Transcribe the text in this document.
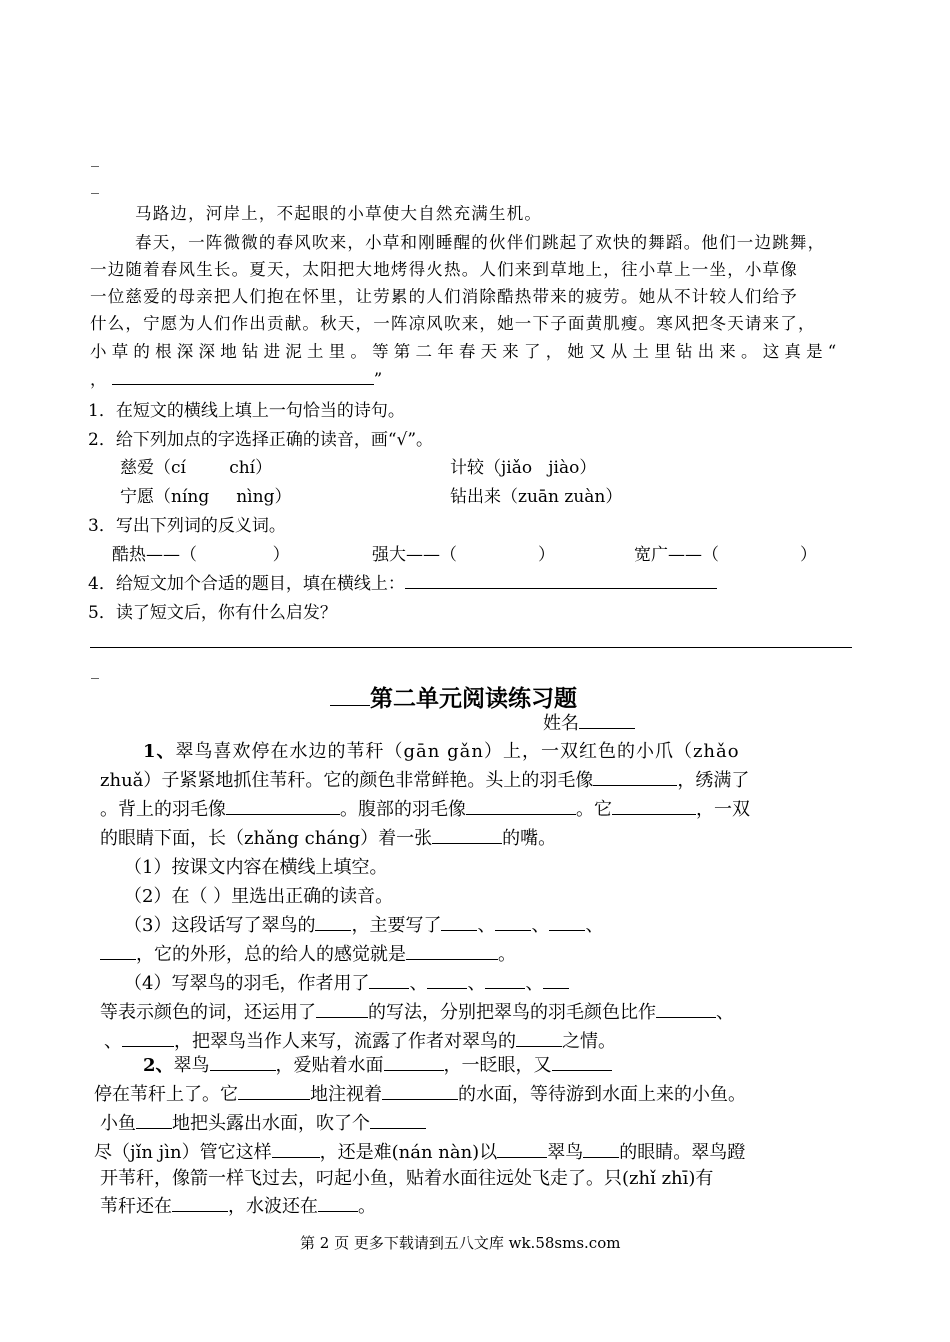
_
_
马路边，河岸上，不起眼的小草使大自然充满生机。
春天，一阵微微的春风吹来，小草和刚睡醒的伙伴们跳起了欢快的舞蹈。他们一边跳舞，
一边随着春风生长。夏天，太阳把大地烤得火热。人们来到草地上，往小草上一坐，小草像
一位慈爱的母亲把人们抱在怀里，让劳累的人们消除酷热带来的疲劳。她从不计较人们给予
什么，宁愿为人们作出贡献。秋天，一阵凉风吹来，她一下子面黄肌瘦。寒风把冬天请来了，
小草的根深深地钻进泥土里。等第二年春天来了，她又从土里钻出来。这真是“
，	”
1．在短文的横线上填上一句恰当的诗句。
2．给下列加点的字选择正确的读音，画“√”。
慈爱（cí        chí）	计较（jiǎo   jiào）
宁愿（níng     nìng）	钻出来（zuān zuàn）
3．写出下列词的反义词。
酷热——（              ）	强大——（               ）	宽广——（               ）
4．给短文加个合适的题目，填在横线上：
5．读了短文后，你有什么启发？
_
第二单元阅读练习题
姓名
1、翠鸟喜欢停在水边的苇秆（gān gǎn）上，一双红色的小爪（zhǎo
zhuǎ）子紧紧地抓住苇秆。它的颜色非常鲜艳。头上的羽毛像	，绣满了
。背上的羽毛像	。腹部的羽毛像	。它	，一双
的眼睛下面，长（zhǎng cháng）着一张	的嘴。
（1）按课文内容在横线上填空。
（2）在（ ）里选出正确的读音。
（3）这段话写了翠鸟的 ，主要写了 、 、 、
，它的外形，总的给人的感觉就是	。
（4）写翠鸟的羽毛，作者用了 、 、 、
等表示颜色的词，还运用了	的写法，分别把翠鸟的羽毛颜色比作	、
、	，把翠鸟当作人来写，流露了作者对翠鸟的	之情。
2、翠鸟	，爱贴着水面	，一眨眼，又
停在苇秆上了。它	地注视着	的水面，等待游到水面上来的小鱼。
小鱼 地把头露出水面，吹了个
尽（jǐn jìn）管它这样	，还是难(nán nàn)以	翠鸟 的眼睛。翠鸟蹬
开苇秆，像箭一样飞过去，叼起小鱼，贴着水面往远处飞走了。只(zhǐ zhī)有
苇秆还在	，水波还在 。
第 2 页 更多下载请到五八文库 wk.58sms.com
